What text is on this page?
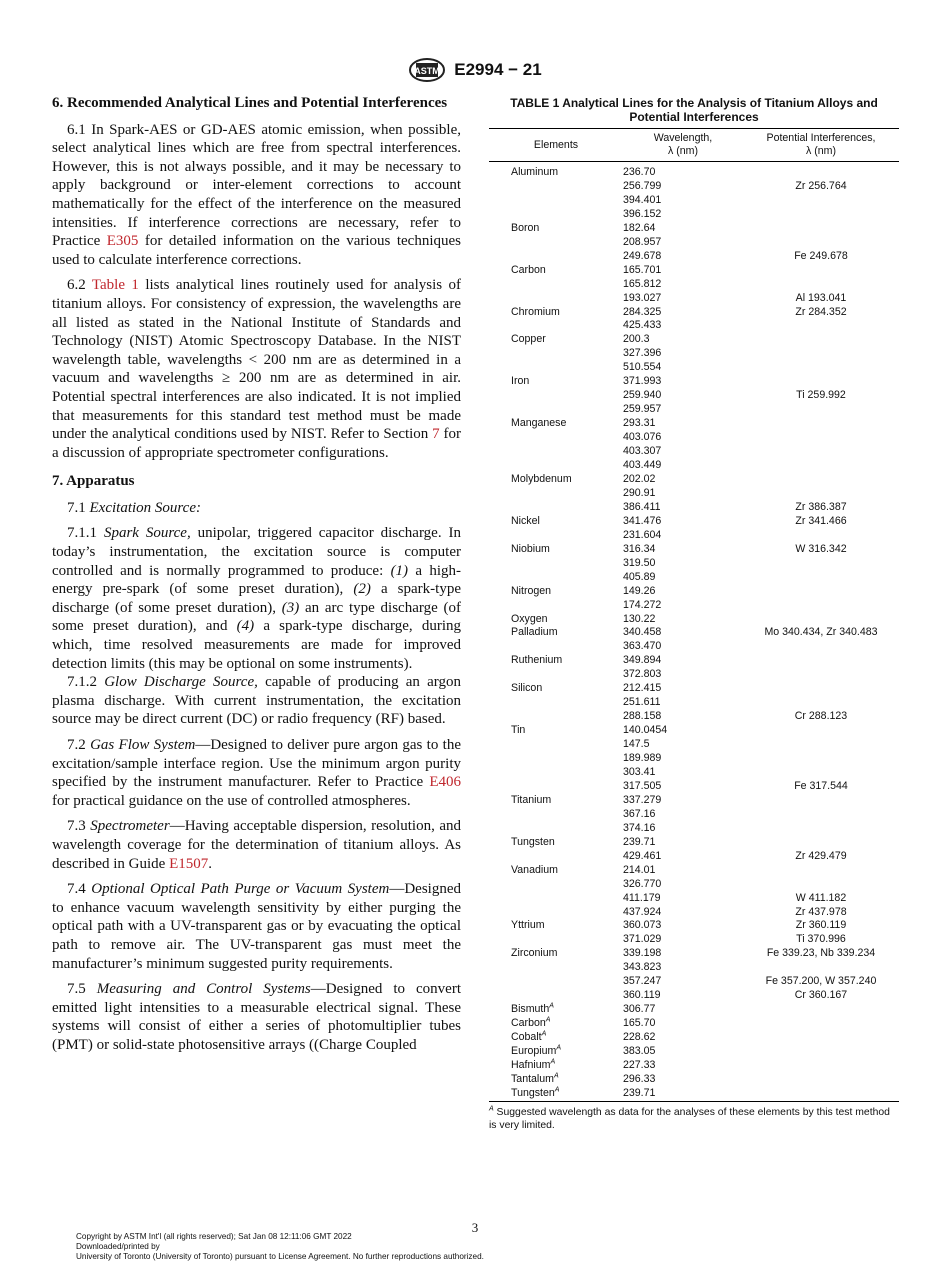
ASTM E2994 − 21
6. Recommended Analytical Lines and Potential Interferences

6.1 In Spark-AES or GD-AES atomic emission, when possible, select analytical lines which are free from spectral interferences. However, this is not always possible, and it may be necessary to apply background or inter-element corrections to account mathematically for the effect of the interference on the measured intensities. If interference corrections are necessary, refer to Practice E305 for detailed information on the various techniques used to calculate interference corrections.

6.2 Table 1 lists analytical lines routinely used for analysis of titanium alloys. For consistency of expression, the wavelengths are all listed as stated in the National Institute of Standards and Technology (NIST) Atomic Spectroscopy Database. In the NIST wavelength table, wavelengths < 200 nm are as determined in a vacuum and wavelengths ≥ 200 nm are as determined in air. Potential spectral interferences are also indicated. It is not implied that measurements for this standard test method must be made under the analytical conditions used by NIST. Refer to Section 7 for a discussion of appropriate spectrometer configurations.

7. Apparatus

7.1 Excitation Source:

7.1.1 Spark Source, unipolar, triggered capacitor discharge. In today’s instrumentation, the excitation source is computer controlled and is normally programmed to produce: (1) a high-energy pre-spark (of some preset duration), (2) a spark-type discharge (of some preset duration), (3) an arc type discharge (of some preset duration), and (4) a spark-type discharge, during which, time resolved measurements are made for improved detection limits (this may be optional on some instruments).

7.1.2 Glow Discharge Source, capable of producing an argon plasma discharge. With current instrumentation, the excitation source may be direct current (DC) or radio frequency (RF) based.

7.2 Gas Flow System—Designed to deliver pure argon gas to the excitation/sample interface region. Use the minimum argon purity specified by the instrument manufacturer. Refer to Practice E406 for practical guidance on the use of controlled atmospheres.

7.3 Spectrometer—Having acceptable dispersion, resolution, and wavelength coverage for the determination of titanium alloys. As described in Guide E1507.

7.4 Optional Optical Path Purge or Vacuum System—Designed to enhance vacuum wavelength sensitivity by either purging the optical path with a UV-transparent gas or by evacuating the optical path to remove air. The UV-transparent gas must meet the manufacturer’s minimum suggested purity requirements.

7.5 Measuring and Control Systems—Designed to convert emitted light intensities to a measurable electrical signal. These systems will consist of either a series of photomultiplier tubes (PMT) or solid-state photosensitive arrays ((Charge Coupled

TABLE 1 Analytical Lines for the Analysis of Titanium Alloys and Potential Interferences
Elements	Wavelength,
λ (nm)	Potential Interferences,
λ (nm)
Aluminum	236.70	
	256.799	Zr 256.764
	394.401	
	396.152	
Boron	182.64	
	208.957	
	249.678	Fe 249.678
Carbon	165.701	
	165.812	
	193.027	Al 193.041
Chromium	284.325	Zr 284.352
	425.433	
Copper	200.3	
	327.396	
	510.554	
Iron	371.993	
	259.940	Ti 259.992
	259.957	
Manganese	293.31	
	403.076	
	403.307	
	403.449	
Molybdenum	202.02	
	290.91	
	386.411	Zr 386.387
Nickel	341.476	Zr 341.466
	231.604	
Niobium	316.34	W 316.342
	319.50	
	405.89	
Nitrogen	149.26	
	174.272	
Oxygen	130.22	
Palladium	340.458	Mo 340.434, Zr 340.483
	363.470	
Ruthenium	349.894	
	372.803	
Silicon	212.415	
	251.611	
	288.158	Cr 288.123
Tin	140.0454	
	147.5	
	189.989	
	303.41	
	317.505	Fe 317.544
Titanium	337.279	
	367.16	
	374.16	
Tungsten	239.71	
	429.461	Zr 429.479
Vanadium	214.01	
	326.770	
	411.179	W 411.182
	437.924	Zr 437.978
Yttrium	360.073	Zr 360.119
	371.029	Ti 370.996
Zirconium	339.198	Fe 339.23, Nb 339.234
	343.823	
	357.247	Fe 357.200, W 357.240
	360.119	Cr 360.167
Bismuth$^A$	306.77	
Carbon$^A$	165.70	
Cobalt$^A$	228.62	
Europium$^A$	383.05	
Hafnium$^A$	227.33	
Tantalum$^A$	296.33	
Tungsten$^A$	239.71	
$^A$ Suggested wavelength as data for the analyses of these elements by this test method is very limited.
3
Copyright by ASTM Int'l (all rights reserved); Sat Jan 08 12:11:06 GMT 2022
Downloaded/printed by
University of Toronto (University of Toronto) pursuant to License Agreement. No further reproductions authorized.
